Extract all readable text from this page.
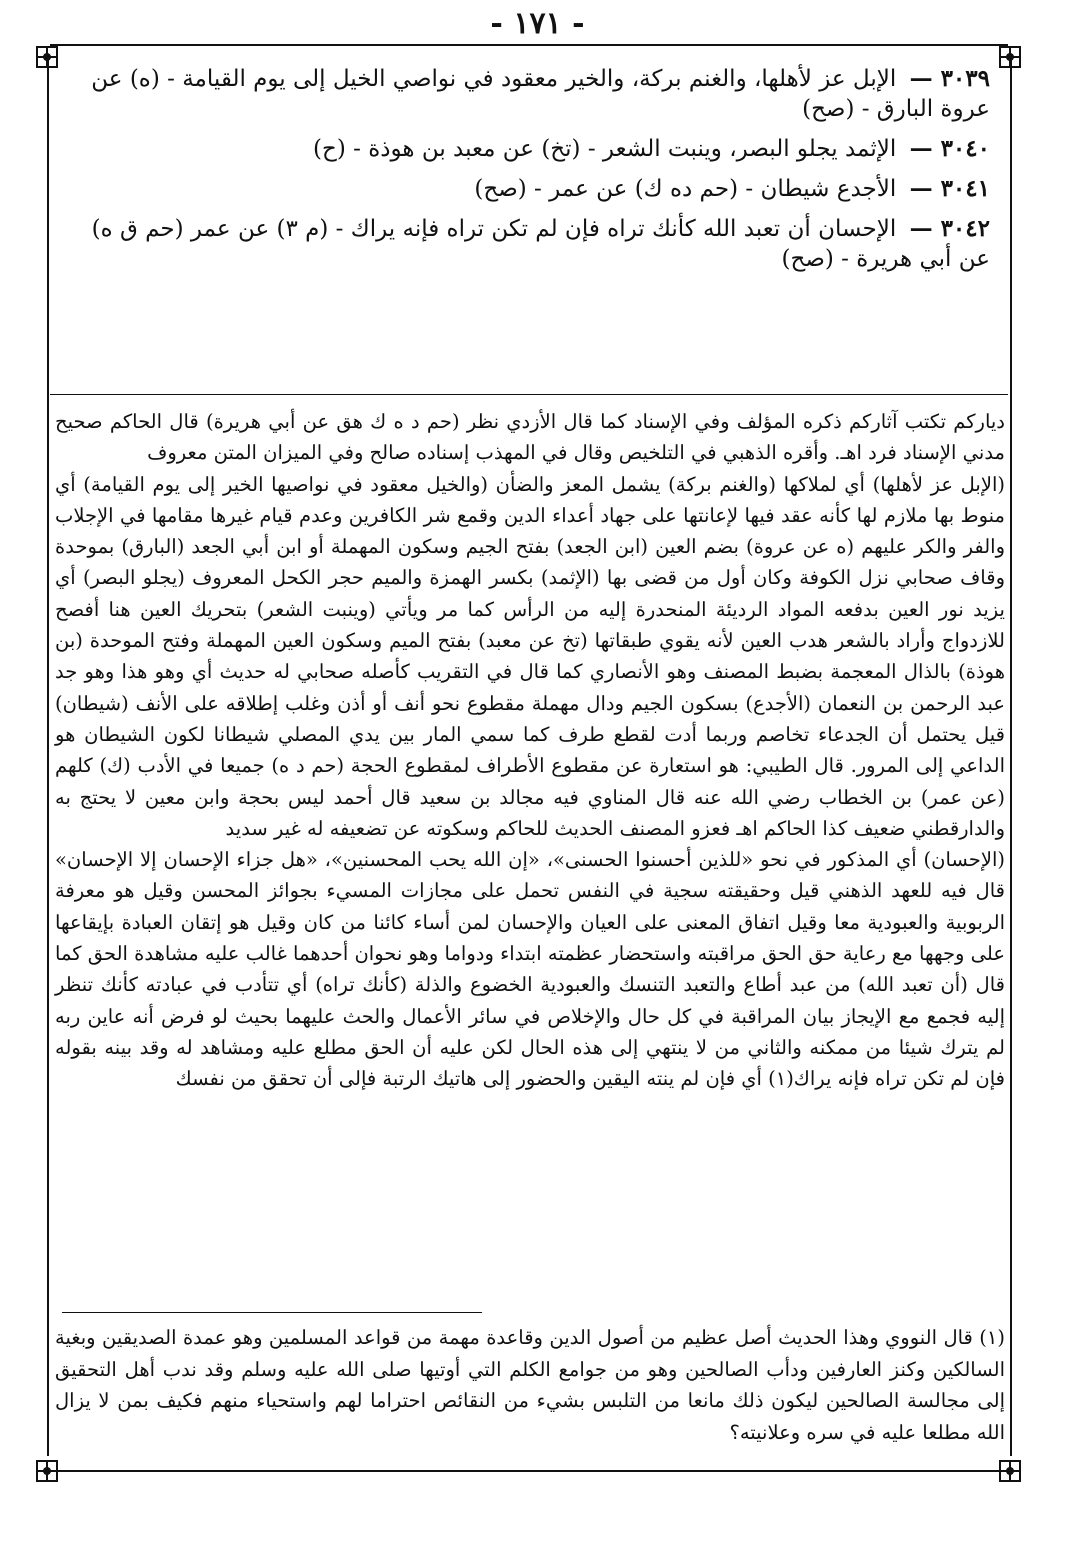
- ١٧١ -

٣٠٣٩ — الإبل عز لأهلها، والغنم بركة، والخير معقود في نواصي الخيل إلى يوم القيامة - (ه) عن عروة البارق - (صح)

٣٠٤٠ — الإثمد يجلو البصر، وينبت الشعر - (تخ) عن معبد بن هوذة - (ح)

٣٠٤١ — الأجدع شيطان - (حم ده ك) عن عمر - (صح)

٣٠٤٢ — الإحسان أن تعبد الله كأنك تراه فإن لم تكن تراه فإنه يراك - (م ٣) عن عمر (حم ق ه) عن أبي هريرة - (صح)

دياركم تكتب آثاركم ذكره المؤلف وفي الإسناد كما قال الأزدي نظر (حم د ه ك هق عن أبي هريرة) قال الحاكم صحيح مدني الإسناد فرد اهـ. وأقره الذهبي في التلخيص وقال في المهذب إسناده صالح وفي الميزان المتن معروف

(الإبل عز لأهلها) أي لملاكها (والغنم بركة) يشمل المعز والضأن (والخيل معقود في نواصيها الخير إلى يوم القيامة) أي منوط بها ملازم لها كأنه عقد فيها لإعانتها على جهاد أعداء الدين وقمع شر الكافرين وعدم قيام غيرها مقامها في الإجلاب والفر والكر عليهم (ه عن عروة) بضم العين (ابن الجعد) بفتح الجيم وسكون المهملة أو ابن أبي الجعد (البارق) بموحدة وقاف صحابي نزل الكوفة وكان أول من قضى بها (الإثمد) بكسر الهمزة والميم حجر الكحل المعروف (يجلو البصر) أي يزيد نور العين بدفعه المواد الرديئة المنحدرة إليه من الرأس كما مر ويأتي (وينبت الشعر) بتحريك العين هنا أفصح للازدواج وأراد بالشعر هدب العين لأنه يقوي طبقاتها (تخ عن معبد) بفتح الميم وسكون العين المهملة وفتح الموحدة (بن هوذة) بالذال المعجمة بضبط المصنف وهو الأنصاري كما قال في التقريب كأصله صحابي له حديث أي وهو هذا وهو جد عبد الرحمن بن النعمان (الأجدع) بسكون الجيم ودال مهملة مقطوع نحو أنف أو أذن وغلب إطلاقه على الأنف (شيطان) قيل يحتمل أن الجدعاء تخاصم وربما أدت لقطع طرف كما سمي المار بين يدي المصلي شيطانا لكون الشيطان هو الداعي إلى المرور. قال الطيبي: هو استعارة عن مقطوع الأطراف لمقطوع الحجة (حم د ه) جميعا في الأدب (ك) كلهم (عن عمر) بن الخطاب رضي الله عنه قال المناوي فيه مجالد بن سعيد قال أحمد ليس بحجة وابن معين لا يحتج به والدارقطني ضعيف كذا الحاكم اهـ فعزو المصنف الحديث للحاكم وسكوته عن تضعيفه له غير سديد

(الإحسان) أي المذكور في نحو «للذين أحسنوا الحسنى»، «إن الله يحب المحسنين»، «هل جزاء الإحسان إلا الإحسان» قال فيه للعهد الذهني قيل وحقيقته سجية في النفس تحمل على مجازات المسيء بجوائز المحسن وقيل هو معرفة الربوبية والعبودية معا وقيل اتفاق المعنى على العيان والإحسان لمن أساء كائنا من كان وقيل هو إتقان العبادة بإيقاعها على وجهها مع رعاية حق الحق مراقبته واستحضار عظمته ابتداء ودواما وهو نحوان أحدهما غالب عليه مشاهدة الحق كما قال (أن تعبد الله) من عبد أطاع والتعبد التنسك والعبودية الخضوع والذلة (كأنك تراه) أي تتأدب في عبادته كأنك تنظر إليه فجمع مع الإيجاز بيان المراقبة في كل حال والإخلاص في سائر الأعمال والحث عليهما بحيث لو فرض أنه عاين ربه لم يترك شيئا من ممكنه والثاني من لا ينتهي إلى هذه الحال لكن عليه أن الحق مطلع عليه ومشاهد له وقد بينه بقوله فإن لم تكن تراه فإنه يراك(١) أي فإن لم ينته اليقين والحضور إلى هاتيك الرتبة فإلى أن تحقق من نفسك

(١) قال النووي وهذا الحديث أصل عظيم من أصول الدين وقاعدة مهمة من قواعد المسلمين وهو عمدة الصديقين وبغية السالكين وكنز العارفين ودأب الصالحين وهو من جوامع الكلم التي أوتيها صلى الله عليه وسلم وقد ندب أهل التحقيق إلى مجالسة الصالحين ليكون ذلك مانعا من التلبس بشيء من النقائص احتراما لهم واستحياء منهم فكيف بمن لا يزال الله مطلعا عليه في سره وعلانيته؟
